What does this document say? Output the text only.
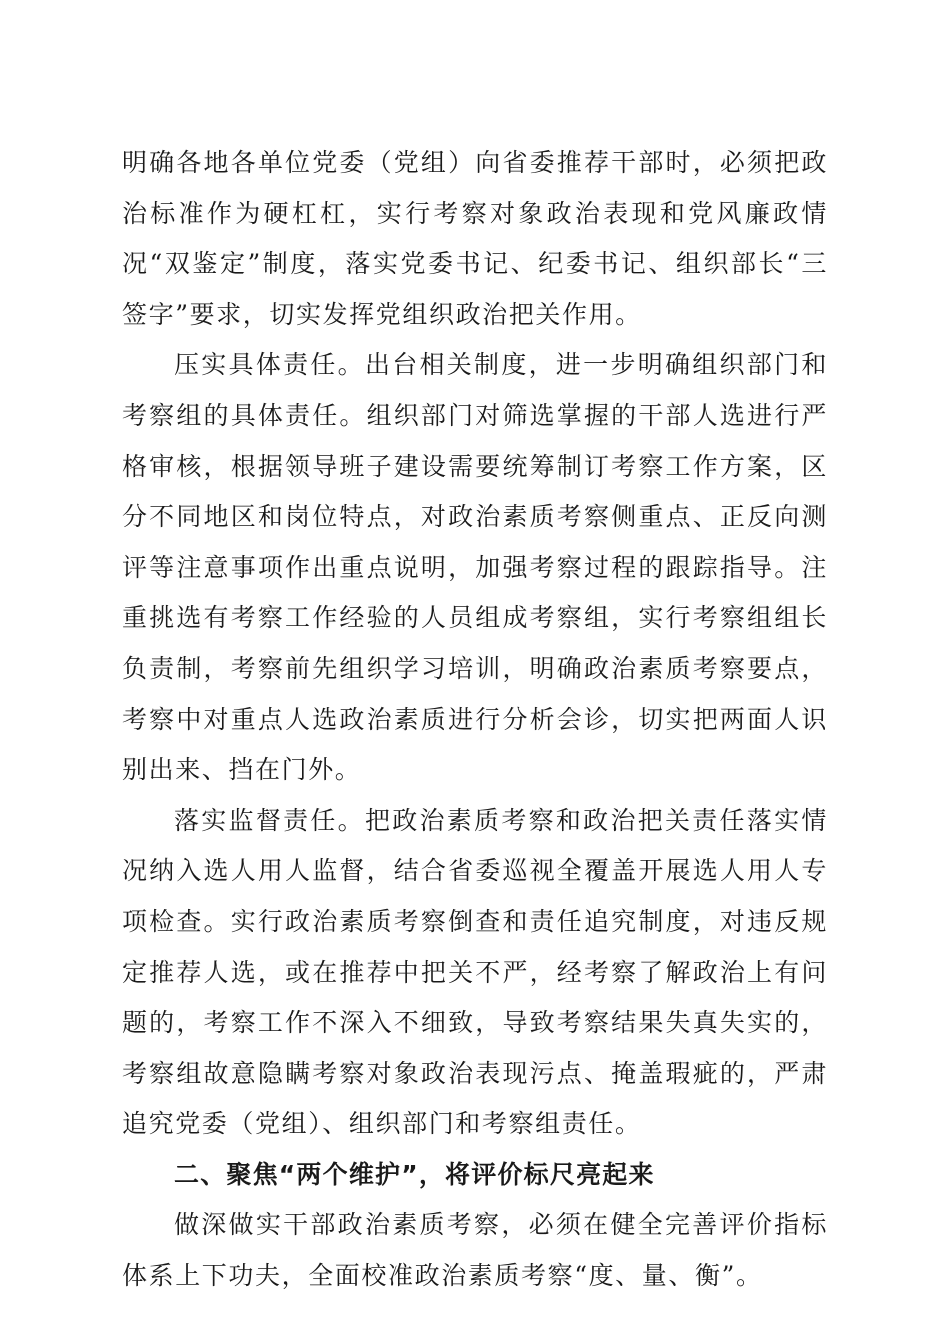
明确各地各单位党委（党组）向省委推荐干部时，必须把政治标准作为硬杠杠，实行考察对象政治表现和党风廉政情况“双鉴定”制度，落实党委书记、纪委书记、组织部长“三签字”要求，切实发挥党组织政治把关作用。

压实具体责任。出台相关制度，进一步明确组织部门和考察组的具体责任。组织部门对筛选掌握的干部人选进行严格审核，根据领导班子建设需要统筹制订考察工作方案，区分不同地区和岗位特点，对政治素质考察侧重点、正反向测评等注意事项作出重点说明，加强考察过程的跟踪指导。注重挑选有考察工作经验的人员组成考察组，实行考察组组长负责制，考察前先组织学习培训，明确政治素质考察要点，考察中对重点人选政治素质进行分析会诊，切实把两面人识别出来、挡在门外。

落实监督责任。把政治素质考察和政治把关责任落实情况纳入选人用人监督，结合省委巡视全覆盖开展选人用人专项检查。实行政治素质考察倒查和责任追究制度，对违反规定推荐人选，或在推荐中把关不严，经考察了解政治上有问题的，考察工作不深入不细致，导致考察结果失真失实的，考察组故意隐瞒考察对象政治表现污点、掩盖瑕疵的，严肃追究党委（党组）、组织部门和考察组责任。

二、聚焦“两个维护”，将评价标尺亮起来

做深做实干部政治素质考察，必须在健全完善评价指标体系上下功夫，全面校准政治素质考察“度、量、衡”。
